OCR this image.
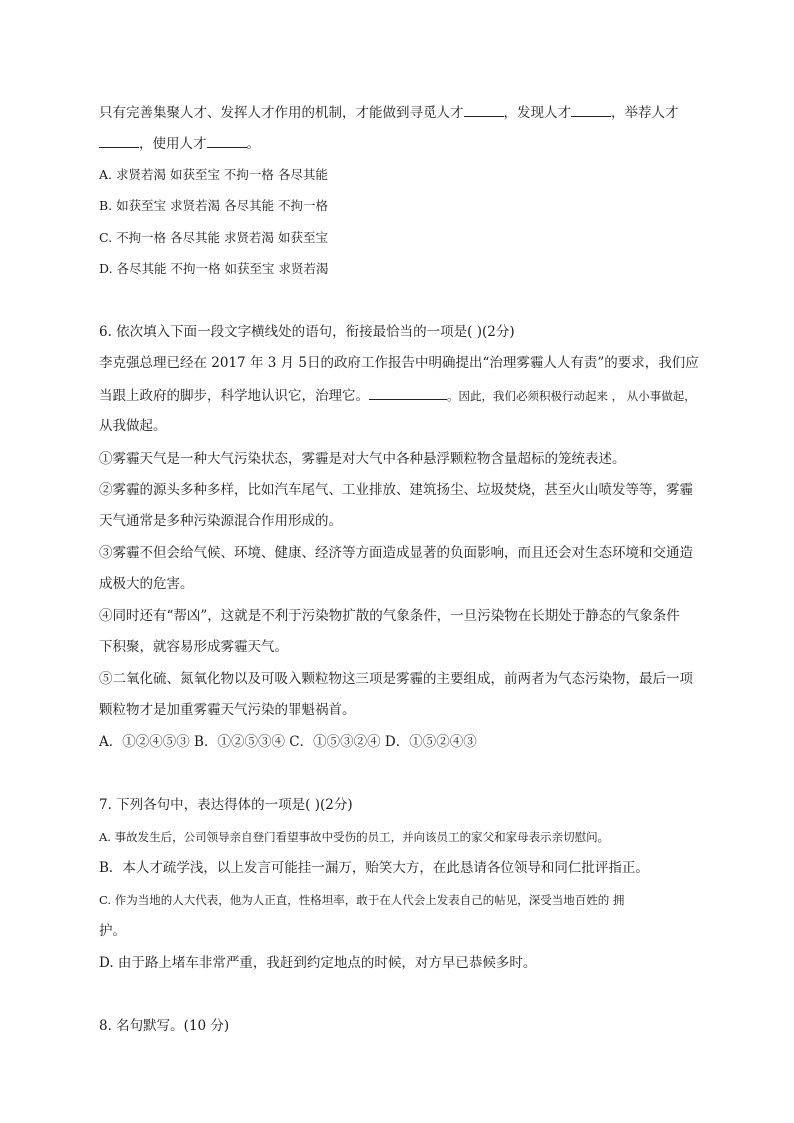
只有完善集聚人才、发挥人才作用的机制，才能做到寻觅人才	，发现人才	，举荐人才
，使用人才	。
A. 求贤若渴 如获至宝 不拘一格 各尽其能
B. 如获至宝 求贤若渴 各尽其能 不拘一格
C. 不拘一格 各尽其能 求贤若渴 如获至宝
D. 各尽其能 不拘一格 如获至宝 求贤若渴
6. 依次填入下面一段文字横线处的语句，衔接最恰当的一项是( )(2分)
李克强总理已经在 2017 年 3 月 5日的政府工作报告中明确提出“治理雾霾人人有责”的要求，我们应
当跟上政府的脚步，科学地认识它，治理它。	。因此，我们必须积极行动起来 ， 从小事做起，
从我做起。
①雾霾天气是一种大气污染状态，雾霾是对大气中各种悬浮颗粒物含量超标的笼统表述。
②雾霾的源头多种多样，比如汽车尾气、工业排放、建筑扬尘、垃圾焚烧，甚至火山喷发等等，雾霾
天气通常是多种污染源混合作用形成的。
③雾霾不但会给气候、环境、健康、经济等方面造成显著的负面影响，而且还会对生态环境和交通造
成极大的危害。
④同时还有“帮凶”，这就是不利于污染物扩散的气象条件，一旦污染物在长期处于静态的气象条件
下积聚，就容易形成雾霾天气。
⑤二氧化硫、氮氧化物以及可吸入颗粒物这三项是雾霾的主要组成，前两者为气态污染物，最后一项
颗粒物才是加重雾霾天气污染的罪魁祸首。
A．①②④⑤③ B．①②⑤③④ C．①⑤③②④ D．①⑤②④③
7. 下列各句中，表达得体的一项是( )(2分)
A. 事故发生后，公司领导亲自登门看望事故中受伤的员工，并向该员工的家父和家母表示亲切慰问。
B．本人才疏学浅，以上发言可能挂一漏万，贻笑大方，在此恳请各位领导和同仁批评指正。
C. 作为当地的人大代表，他为人正直，性格坦率，敢于在人代会上发表自己的帖见，深受当地百姓的 拥
护。
D. 由于路上堵车非常严重，我赶到约定地点的时候，对方早已恭候多时。
8. 名句默写。(10 分)
